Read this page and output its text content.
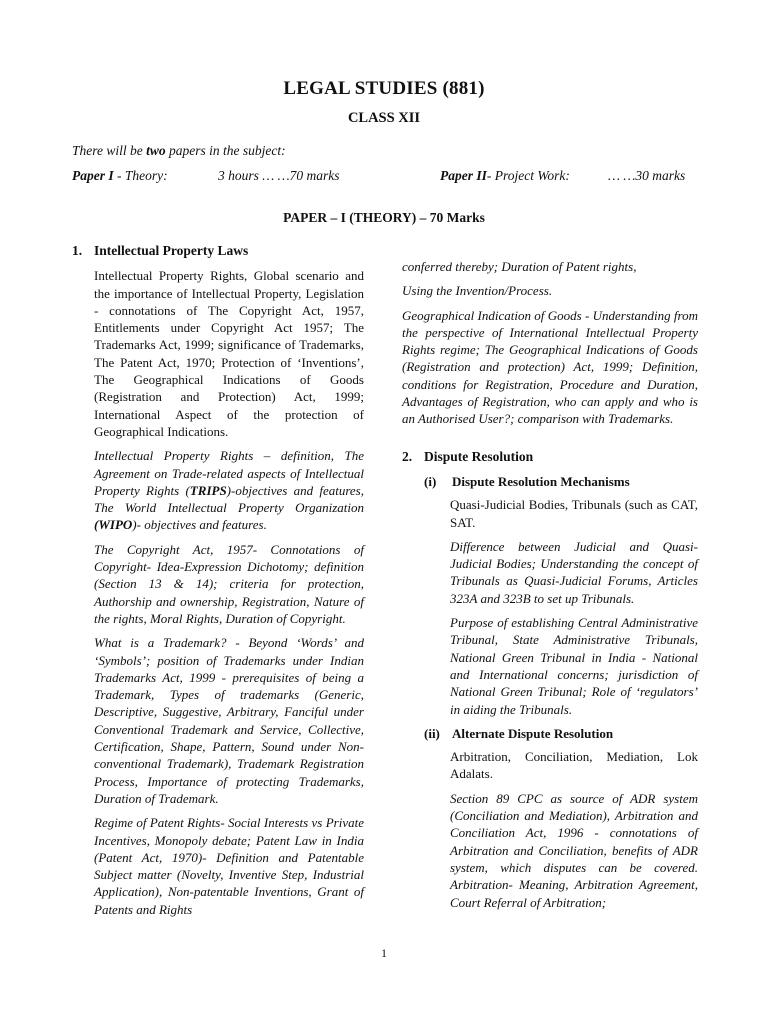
LEGAL STUDIES (881)
CLASS XII
There will be two papers in the subject:
Paper I - Theory:	3 hours … …70 marks	Paper II- Project Work:	… …30 marks
PAPER – I (THEORY) – 70 Marks
1. Intellectual Property Laws

Intellectual Property Rights, Global scenario and the importance of Intellectual Property, Legislation - connotations of The Copyright Act, 1957, Entitlements under Copyright Act 1957; The Trademarks Act, 1999; significance of Trademarks, The Patent Act, 1970; Protection of ‘Inventions’, The Geographical Indications of Goods (Registration and Protection) Act, 1999; International Aspect of the protection of Geographical Indications.

Intellectual Property Rights – definition, The Agreement on Trade-related aspects of Intellectual Property Rights (TRIPS)-objectives and features, The World Intellectual Property Organization (WIPO)- objectives and features.

The Copyright Act, 1957- Connotations of Copyright- Idea-Expression Dichotomy; definition (Section 13 & 14); criteria for protection, Authorship and ownership, Registration, Nature of the rights, Moral Rights, Duration of Copyright.

What is a Trademark? - Beyond ‘Words’ and ‘Symbols’; position of Trademarks under Indian Trademarks Act, 1999 - prerequisites of being a Trademark, Types of trademarks (Generic, Descriptive, Suggestive, Arbitrary, Fanciful under Conventional Trademark and Service, Collective, Certification, Shape, Pattern, Sound under Non-conventional Trademark), Trademark Registration Process, Importance of protecting Trademarks, Duration of Trademark.

Regime of Patent Rights- Social Interests vs Private Incentives, Monopoly debate; Patent Law in India (Patent Act, 1970)- Definition and Patentable Subject matter (Novelty, Inventive Step, Industrial Application), Non-patentable Inventions, Grant of Patents and Rights

conferred thereby; Duration of Patent rights,

Using the Invention/Process.

Geographical Indication of Goods - Understanding from the perspective of International Intellectual Property Rights regime; The Geographical Indications of Goods (Registration and protection) Act, 1999; Definition, conditions for Registration, Procedure and Duration, Advantages of Registration, who can apply and who is an Authorised User?; comparison with Trademarks.

2. Dispute Resolution
(i)	Dispute Resolution Mechanisms

Quasi-Judicial Bodies, Tribunals (such as CAT, SAT.

Difference between Judicial and Quasi-Judicial Bodies; Understanding the concept of Tribunals as Quasi-Judicial Forums, Articles 323A and 323B to set up Tribunals.

Purpose of establishing Central Administrative Tribunal, State Administrative Tribunals, National Green Tribunal in India - National and International concerns; jurisdiction of National Green Tribunal; Role of ‘regulators’ in aiding the Tribunals.

(ii) Alternate Dispute Resolution

Arbitration, Conciliation, Mediation, Lok Adalats.

Section 89 CPC as source of ADR system (Conciliation and Mediation), Arbitration and Conciliation Act, 1996 - connotations of Arbitration and Conciliation, benefits of ADR system, which disputes can be covered. Arbitration- Meaning, Arbitration Agreement, Court Referral of Arbitration;

1
